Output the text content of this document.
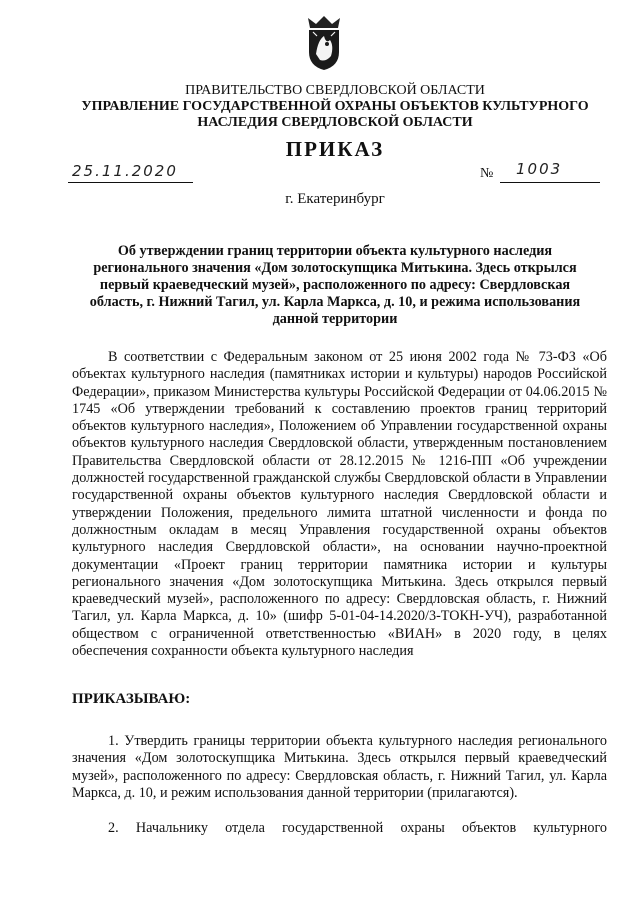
ПРАВИТЕЛЬСТВО СВЕРДЛОВСКОЙ ОБЛАСТИ
УПРАВЛЕНИЕ ГОСУДАРСТВЕННОЙ ОХРАНЫ ОБЪЕКТОВ КУЛЬТУРНОГО НАСЛЕДИЯ СВЕРДЛОВСКОЙ ОБЛАСТИ
ПРИКАЗ
25.11.2020	№ 1003
г. Екатеринбург
Об утверждении границ территории объекта культурного наследия регионального значения «Дом золотоскупщика Митькина. Здесь открылся первый краеведческий музей», расположенного по адресу: Свердловская область, г. Нижний Тагил, ул. Карла Маркса, д. 10, и режима использования данной территории

В соответствии с Федеральным законом от 25 июня 2002 года № 73-ФЗ «Об объектах культурного наследия (памятниках истории и культуры) народов Российской Федерации», приказом Министерства культуры Российской Федерации от 04.06.2015 № 1745 «Об утверждении требований к составлению проектов границ территорий объектов культурного наследия», Положением об Управлении государственной охраны объектов культурного наследия Свердловской области, утвержденным постановлением Правительства Свердловской области от 28.12.2015 № 1216-ПП «Об учреждении должностей государственной гражданской службы Свердловской области в Управлении государственной охраны объектов культурного наследия Свердловской области и утверждении Положения, предельного лимита штатной численности и фонда по должностным окладам в месяц Управления государственной охраны объектов культурного наследия Свердловской области», на основании научно-проектной документации «Проект границ территории памятника истории и культуры регионального значения «Дом золотоскупщика Митькина. Здесь открылся первый краеведческий музей», расположенного по адресу: Свердловская область, г. Нижний Тагил, ул. Карла Маркса, д. 10» (шифр 5-01-04-14.2020/3-ТОКН-УЧ), разработанной обществом с ограниченной ответственностью «ВИАН» в 2020 году, в целях обеспечения сохранности объекта культурного наследия

ПРИКАЗЫВАЮ:

1. Утвердить границы территории объекта культурного наследия регионального значения «Дом золотоскупщика Митькина. Здесь открылся первый краеведческий музей», расположенного по адресу: Свердловская область, г. Нижний Тагил, ул. Карла Маркса, д. 10, и режим использования данной территории (прилагаются).

2. Начальнику отдела государственной охраны объектов культурного
